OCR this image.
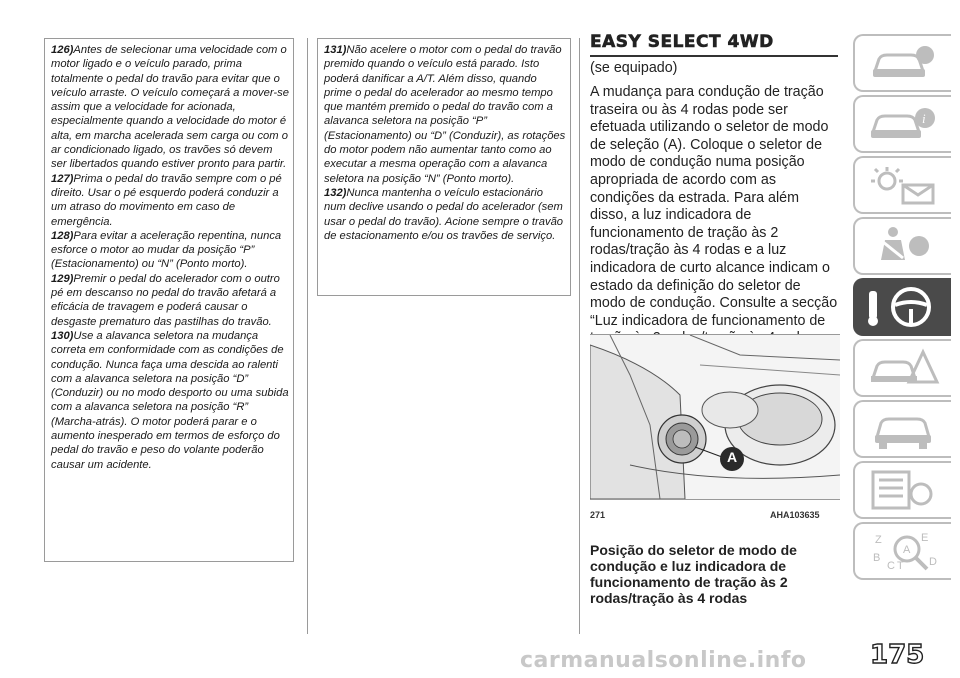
126)Antes de selecionar uma velocidade com o motor ligado e o veículo parado, prima totalmente o pedal do travão para evitar que o veículo arraste. O veículo começará a mover-se assim que a velocidade for acionada, especialmente quando a velocidade do motor é alta, em marcha acelerada sem carga ou com o ar condicionado ligado, os travões só devem ser libertados quando estiver pronto para partir.

127)Prima o pedal do travão sempre com o pé direito. Usar o pé esquerdo poderá conduzir a um atraso do movimento em caso de emergência.

128)Para evitar a aceleração repentina, nunca esforce o motor ao mudar da posição “P” (Estacionamento) ou “N” (Ponto morto).

129)Premir o pedal do acelerador com o outro pé em descanso no pedal do travão afetará a eficácia de travagem e poderá causar o desgaste prematuro das pastilhas do travão.

130)Use a alavanca seletora na mudança correta em conformidade com as condições de condução. Nunca faça uma descida ao ralenti com a alavanca seletora na posição “D” (Conduzir) ou no modo desporto ou uma subida com a alavanca seletora na posição “R” (Marcha-atrás). O motor poderá parar e o aumento inesperado em termos de esforço do pedal do travão e peso do volante poderão causar um acidente.

131)Não acelere o motor com o pedal do travão premido quando o veículo está parado. Isto poderá danificar a A/T. Além disso, quando prime o pedal do acelerador ao mesmo tempo que mantém premido o pedal do travão com a alavanca seletora na posição “P” (Estacionamento) ou “D” (Conduzir), as rotações do motor podem não aumentar tanto como ao executar a mesma operação com a alavanca seletora na posição “N” (Ponto morto).

132)Nunca mantenha o veículo estacionário num declive usando o pedal do acelerador (sem usar o pedal do travão). Acione sempre o travão de estacionamento e/ou os travões de serviço.

EASY SELECT 4WD
(se equipado)
A mudança para condução de tração traseira ou às 4 rodas pode ser efetuada utilizando o seletor de modo de seleção (A). Coloque o seletor de modo de condução numa posição apropriada de acordo com as condições da estrada. Para além disso, a luz indicadora de funcionamento de tração às 2 rodas/tração às 4 rodas e a luz indicadora de curto alcance indicam o estado da definição do seletor de modo de condução. Consulte a secção “Luz indicadora de funcionamento de
A
271	AHA103635
Posição do seletor de modo de condução e luz indicadora de funcionamento de tração às 2 rodas/tração às 4 rodas
i
Z	E
B
A
C T D
carmanualsonline.info 175
